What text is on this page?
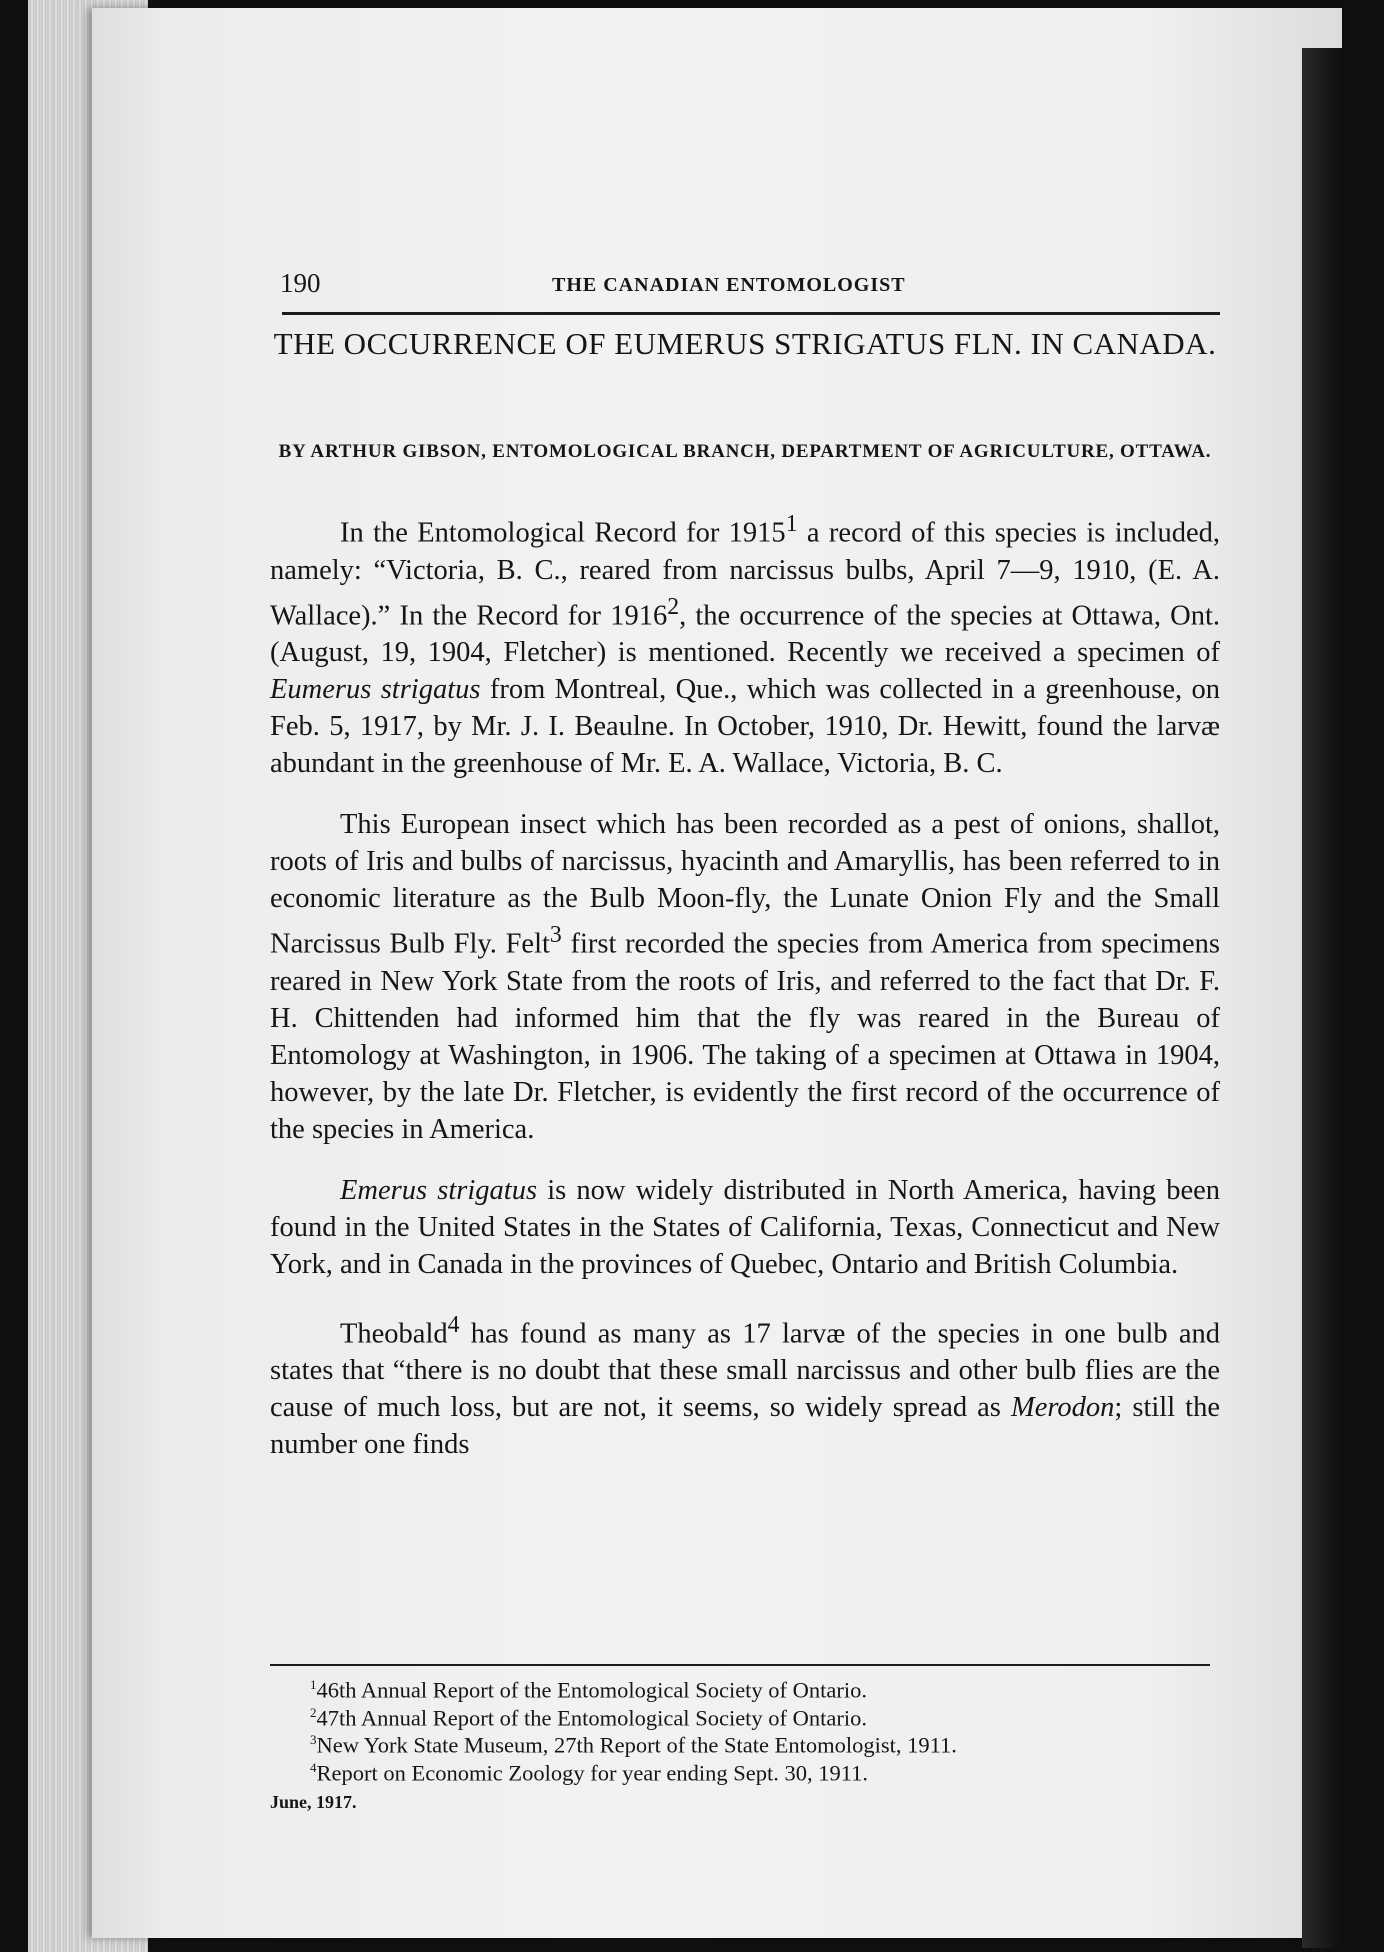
190	THE CANADIAN ENTOMOLOGIST
THE OCCURRENCE OF EUMERUS STRIGATUS FLN. IN CANADA.
BY ARTHUR GIBSON, ENTOMOLOGICAL BRANCH, DEPARTMENT OF AGRICULTURE, OTTAWA.

In the Entomological Record for 1915$^1$ a record of this species is included, namely: “Victoria, B. C., reared from narcissus bulbs, April 7—9, 1910, (E. A. Wallace).” In the Record for 1916$^2$, the occurrence of the species at Ottawa, Ont. (August, 19, 1904, Fletcher) is mentioned. Recently we received a specimen of Eumerus strigatus from Montreal, Que., which was collected in a greenhouse, on Feb. 5, 1917, by Mr. J. I. Beaulne. In October, 1910, Dr. Hewitt, found the larvæ abundant in the greenhouse of Mr. E. A. Wallace, Victoria, B. C.

This European insect which has been recorded as a pest of onions, shallot, roots of Iris and bulbs of narcissus, hyacinth and Amaryllis, has been referred to in economic literature as the Bulb Moon-fly, the Lunate Onion Fly and the Small Narcissus Bulb Fly. Felt$^3$ first recorded the species from America from specimens reared in New York State from the roots of Iris, and referred to the fact that Dr. F. H. Chittenden had informed him that the fly was reared in the Bureau of Entomology at Washington, in 1906. The taking of a specimen at Ottawa in 1904, however, by the late Dr. Fletcher, is evidently the first record of the occurrence of the species in America.

Emerus strigatus is now widely distributed in North America, having been found in the United States in the States of California, Texas, Connecticut and New York, and in Canada in the provinces of Quebec, Ontario and British Columbia.

Theobald$^4$ has found as many as 17 larvæ of the species in one bulb and states that “there is no doubt that these small narcissus and other bulb flies are the cause of much loss, but are not, it seems, so widely spread as Merodon; still the number one finds

$^1$46th Annual Report of the Entomological Society of Ontario.
$^2$47th Annual Report of the Entomological Society of Ontario.
$^3$New York State Museum, 27th Report of the State Entomologist, 1911.
$^4$Report on Economic Zoology for year ending Sept. 30, 1911.
June, 1917.
